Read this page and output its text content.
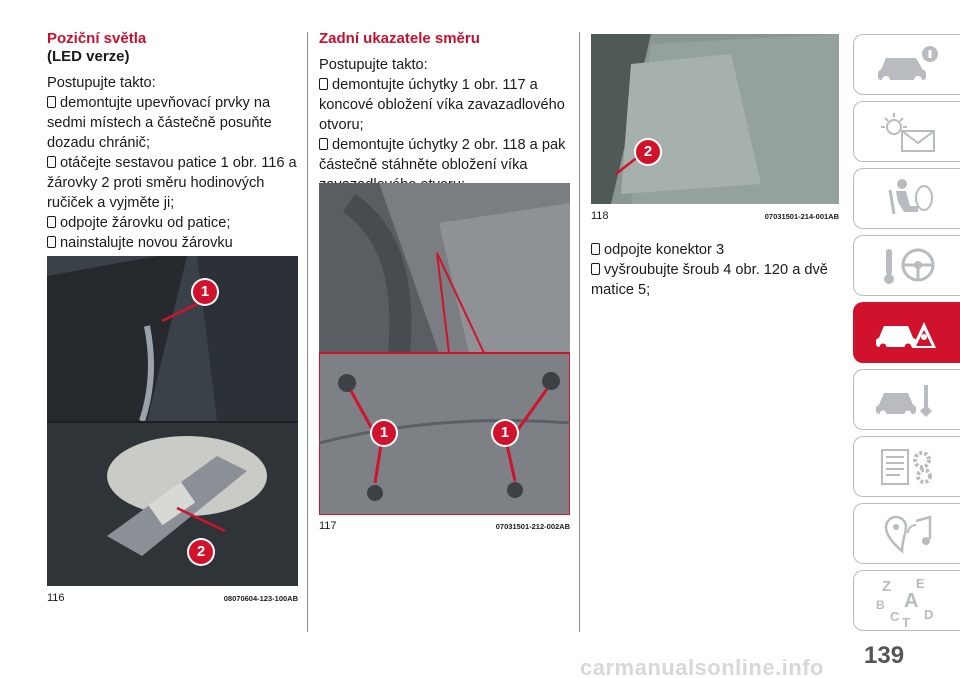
Poziční světla
(LED verze)
Postupujte takto:
demontujte upevňovací prvky na sedmi místech a částečně posuňte dozadu chránič;
otáčejte sestavou patice 1 obr. 116 a žárovky 2 proti směru hodinových ručiček a vyjměte ji;
odpojte žárovku od patice;
nainstalujte novou žárovku
1
2
116	08070604-123-100AB
Zadní ukazatele směru
Postupujte takto:
demontujte úchytky 1 obr. 117 a koncové obložení víka zavazadlového otvoru;
demontujte úchytky 2 obr. 118 a pak částečně stáhněte obložení víka
1	1
117	07031501-212-002AB
2
118	07031501-214-001AB
odpojte konektor 3
vyšroubujte šroub 4 obr. 120 a dvě matice 5;
Z E
B A
C D
T
139
carmanualsonline.info
